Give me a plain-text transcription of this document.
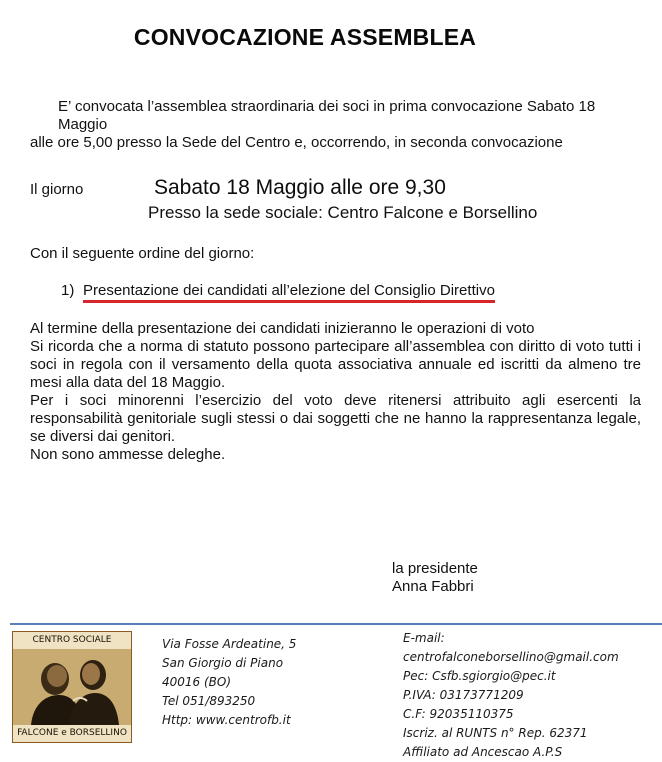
CONVOCAZIONE ASSEMBLEA
E’ convocata l’assemblea straordinaria dei soci in prima convocazione Sabato 18 Maggio
alle ore 5,00 presso la Sede del Centro e, occorrendo, in seconda convocazione
Il giorno	Sabato 18 Maggio alle ore 9,30
Presso la sede sociale: Centro Falcone e Borsellino
Con il seguente ordine del giorno:
1) Presentazione dei candidati all’elezione del Consiglio Direttivo

Al termine della presentazione dei candidati inizieranno le operazioni di voto

Si ricorda che a norma di statuto possono partecipare all’assemblea con diritto di voto tutti i soci in regola con il versamento della quota associativa annuale ed iscritti da almeno tre mesi alla data del 18 Maggio.

Per i soci minorenni l’esercizio del voto deve ritenersi attribuito agli esercenti la responsabilità genitoriale sugli stessi o dai soggetti che ne hanno la rappresentanza legale, se diversi dai genitori.

Non sono ammesse deleghe.

la presidente
Anna Fabbri
CENTRO SOCIALE
FALCONE e BORSELLINO
Via Fosse Ardeatine, 5
San Giorgio di Piano
40016 (BO)
Tel 051/893250
Http: www.centrofb.it
E-mail: centrofalconeborsellino@gmail.com
Pec: Csfb.sgiorgio@pec.it
P.IVA: 03173771209
C.F: 92035110375
Iscriz. al RUNTS n° Rep. 62371
Affiliato ad Ancescao A.P.S
